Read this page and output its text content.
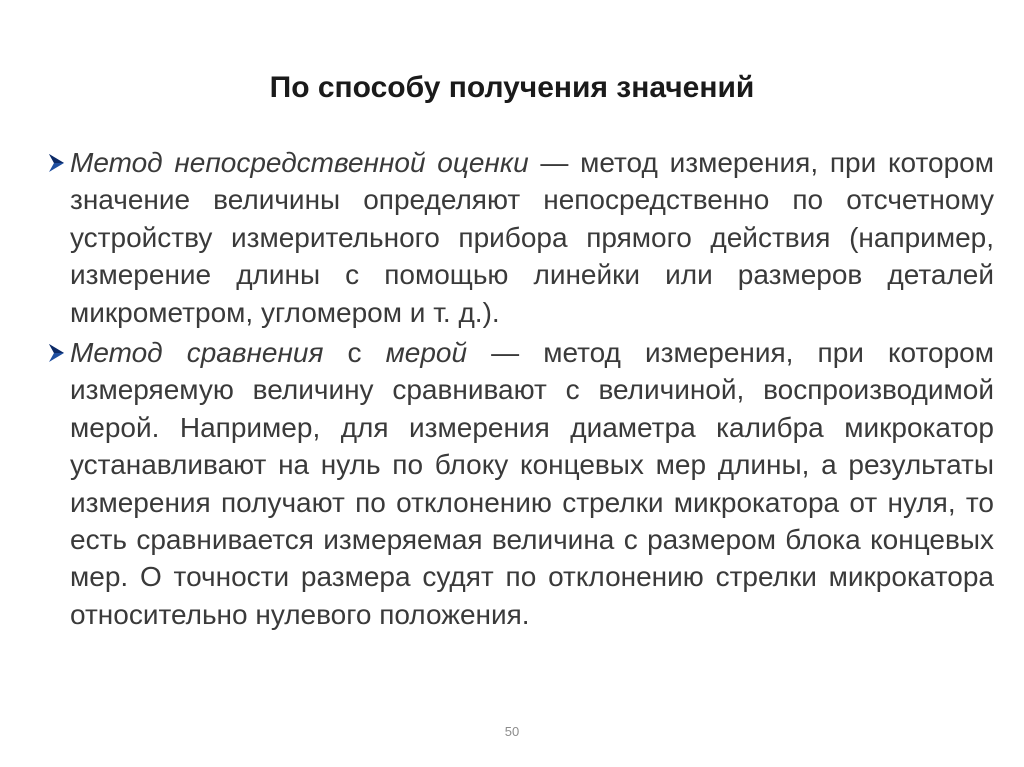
По способу получения значений
Метод непосредственной оценки — метод измерения, при котором значение величины определяют непосредственно по отсчетному устройству измерительного прибора прямого действия (например, измерение длины с помощью линейки или размеров деталей микрометром, угломером и т. д.).
Метод сравнения с мерой — метод измерения, при котором измеряемую величину сравнивают с величиной, воспроизводимой мерой. Например, для измерения диаметра калибра микрокатор устанавливают на нуль по блоку концевых мер длины, а результаты измерения получают по отклонению стрелки микрокатора от нуля, то есть сравнивается измеряемая величина с размером блока концевых мер. О точности размера судят по отклонению стрелки микрокатора относительно нулевого положения.
50
